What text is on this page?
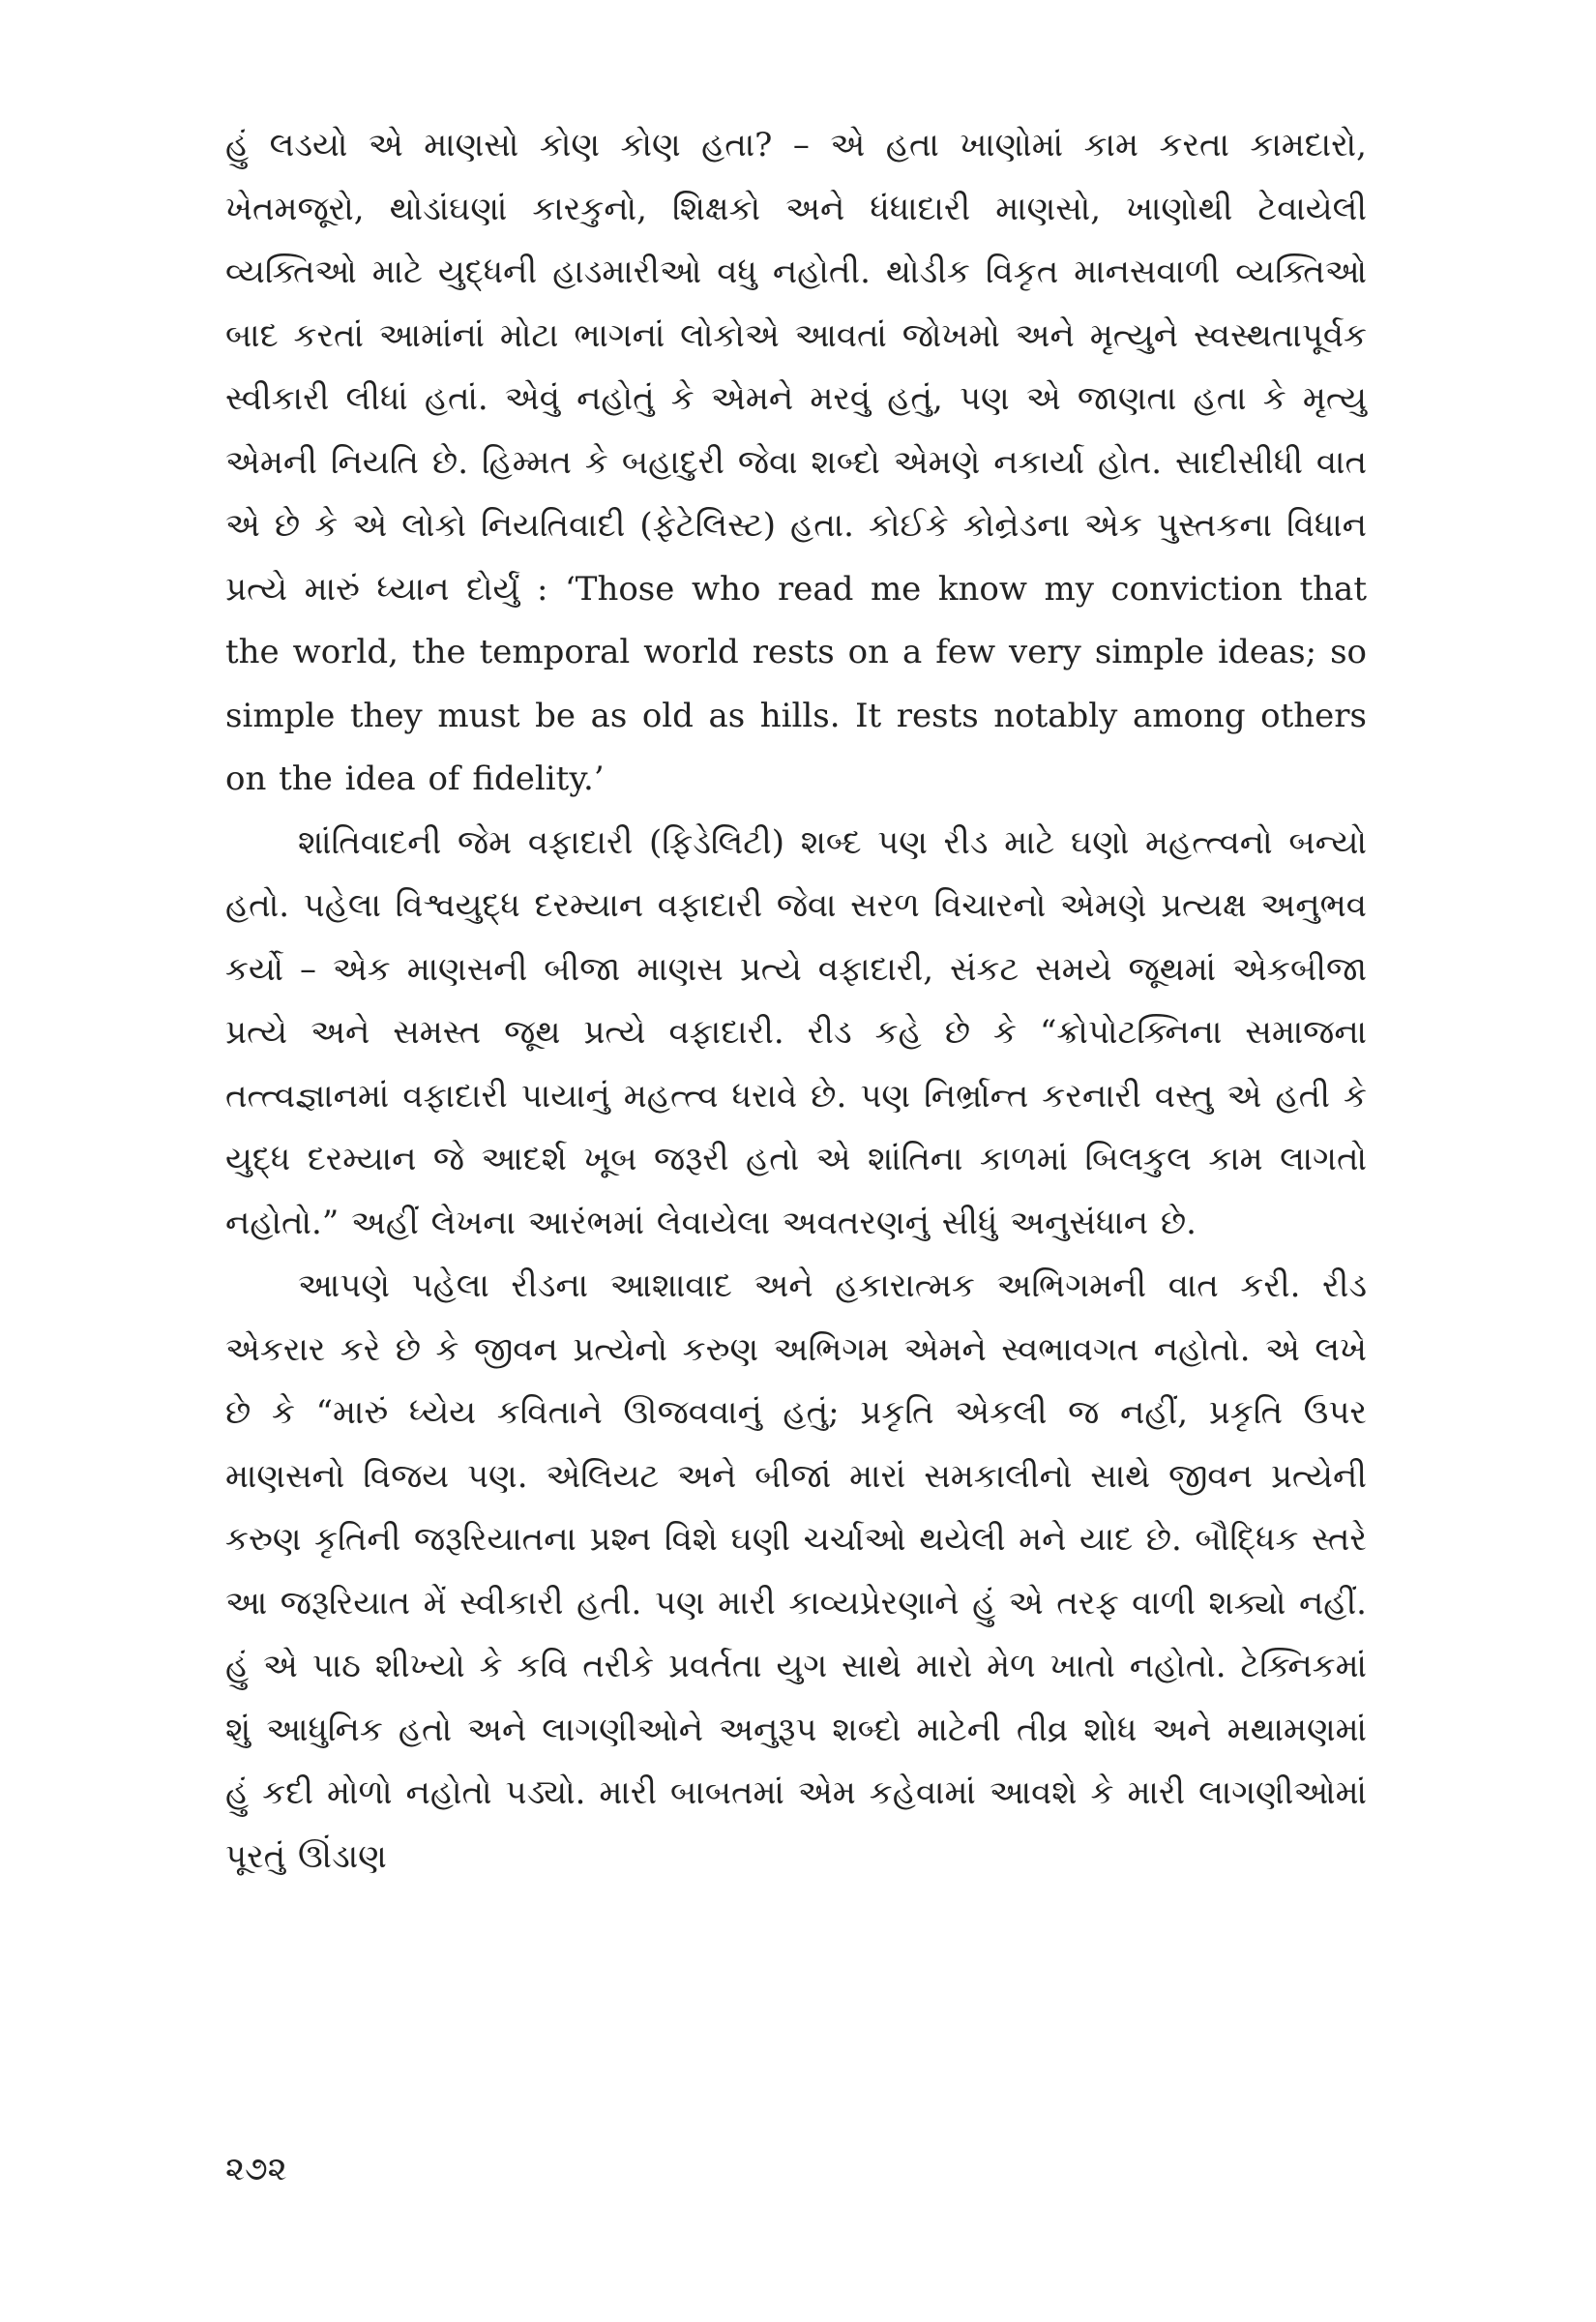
હું લડયો એ માણસો કોણ કોણ હતા? – એ હતા ખાણોમાં કામ કરતા કામદારો, ખેતમજૂરો, થોડાંઘણાં કારકુનો, શિક્ષકો અને ધંધાદારી માણસો, ખાણોથી ટેવાયેલી વ્યક્તિઓ માટે યુદ્ધની હાડમારીઓ વધુ નહોતી. થોડીક વિકૃત માનસવાળી વ્યક્તિઓ બાદ કરતાં આમાંનાં મોટા ભાગનાં લોકોએ આવતાં જોખમો અને મૃત્યુને સ્વસ્થતાપૂર્વક સ્વીકારી લીધાં હતાં. એવું નહોતું કે એમને મરવું હતું, પણ એ જાણતા હતા કે મૃત્યુ એમની નિયતિ છે. હિમ્મત કે બહાદુરી જેવા શબ્દો એમણે નકાર્યા હોત. સાદીસીધી વાત એ છે કે એ લોકો નિયતિવાદી (ફેટેલિસ્ટ) હતા. કોઈકે કોન્રેડના એક પુસ્તકના વિધાન પ્રત્યે મારું ધ્યાન દોર્યું : ‘Those who read me know my conviction that the world, the temporal world rests on a few very simple ideas; so simple they must be as old as hills. It rests notably among others on the idea of fidelity.’

શાંતિવાદની જેમ વફાદારી (ફિડેલિટી) શબ્દ પણ રીડ માટે ઘણો મહત્ત્વનો બન્યો હતો. પહેલા વિશ્વયુદ્ધ દરમ્યાન વફાદારી જેવા સરળ વિચારનો એમણે પ્રત્યક્ષ અનુભવ કર્યો – એક માણસની બીજા માણસ પ્રત્યે વફાદારી, સંકટ સમયે જૂથમાં એકબીજા પ્રત્યે અને સમસ્ત જૂથ પ્રત્યે વફાદારી. રીડ કહે છે કે “ક્રોપોટક્નિના સમાજના તત્ત્વજ્ઞાનમાં વફાદારી પાયાનું મહત્ત્વ ધરાવે છે. પણ નિર્ભ્રાન્ત કરનારી વસ્તુ એ હતી કે યુદ્ધ દરમ્યાન જે આદર્શ ખૂબ જરૂરી હતો એ શાંતિના કાળમાં બિલકુલ કામ લાગતો નહોતો.” અહીં લેખના આરંભમાં લેવાયેલા અવતરણનું સીધું અનુસંધાન છે.

આપણે પહેલા રીડના આશાવાદ અને હકારાત્મક અભિગમની વાત કરી. રીડ એકરાર કરે છે કે જીવન પ્રત્યેનો કરુણ અભિગમ એમને સ્વભાવગત નહોતો. એ લખે છે કે “મારું ધ્યેય કવિતાને ઊજવવાનું હતું; પ્રકૃતિ એકલી જ નહીં, પ્રકૃતિ ઉપર માણસનો વિજય પણ. એલિયટ અને બીજાં મારાં સમકાલીનો સાથે જીવન પ્રત્યેની કરુણ કૃતિની જરૂરિયાતના પ્રશ્ન વિશે ઘણી ચર્ચાઓ થયેલી મને યાદ છે. બૌદ્ધિક સ્તરે આ જરૂરિયાત મેં સ્વીકારી હતી. પણ મારી કાવ્યપ્રેરણાને હું એ તરફ વાળી શક્યો નહીં. હું એ પાઠ શીખ્યો કે કવિ તરીકે પ્રવર્તતા યુગ સાથે મારો મેળ ખાતો નહોતો. ટેક્નિકમાં શું આધુનિક હતો અને લાગણીઓને અનુરૂપ શબ્દો માટેની તીવ્ર શોધ અને મથામણમાં હું કદી મોળો નહોતો પડ્યો. મારી બાબતમાં એમ કહેવામાં આવશે કે મારી લાગણીઓમાં પૂરતું ઊંડાણ

૨૭૨
